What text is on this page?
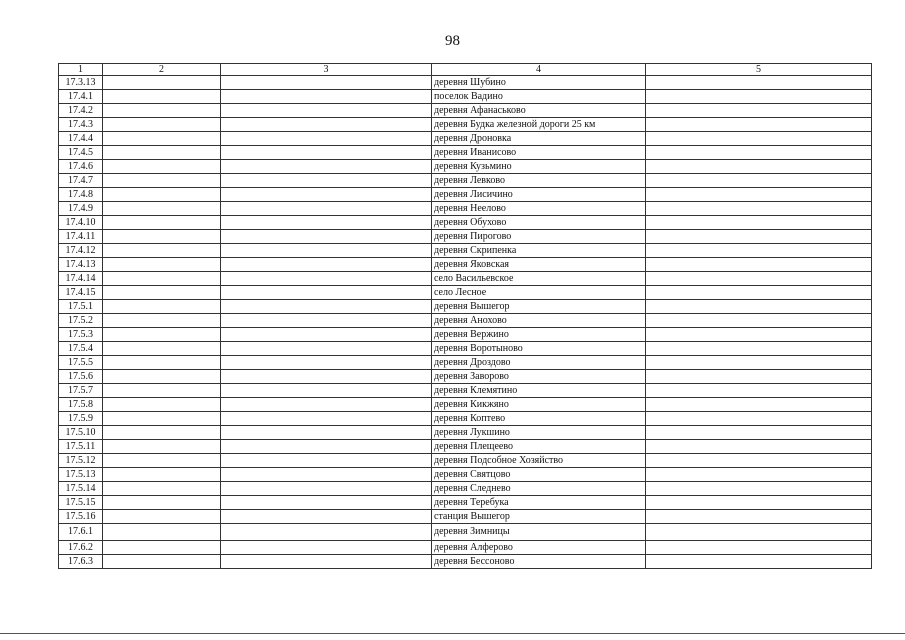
98
1	2	3	4	5
17.3.13			деревня Шубино	
17.4.1			поселок Вадино	
17.4.2			деревня Афанаськово	
17.4.3			деревня Будка железной дороги 25 км	
17.4.4			деревня Дроновка	
17.4.5			деревня Иванисово	
17.4.6			деревня Кузьмино	
17.4.7			деревня Левково	
17.4.8			деревня Лисичино	
17.4.9			деревня Неелово	
17.4.10			деревня Обухово	
17.4.11			деревня Пирогово	
17.4.12			деревня Скрипенка	
17.4.13			деревня Яковская	
17.4.14			село Васильевское	
17.4.15			село Лесное	
17.5.1			деревня Вышегор	
17.5.2			деревня Анохово	
17.5.3			деревня Вержино	
17.5.4			деревня Воротыново	
17.5.5			деревня Дроздово	
17.5.6			деревня Заворово	
17.5.7			деревня Клемятино	
17.5.8			деревня Кикжяно	
17.5.9			деревня Коптево	
17.5.10			деревня Лукшино	
17.5.11			деревня Плещеево	
17.5.12			деревня Подсобное Хозяйство	
17.5.13			деревня Святцово	
17.5.14			деревня Следнево	
17.5.15			деревня Теребука	
17.5.16			станция Вышегор	
17.6.1			деревня Зимницы	
17.6.2			деревня Алферово	
17.6.3			деревня Бессоново	
